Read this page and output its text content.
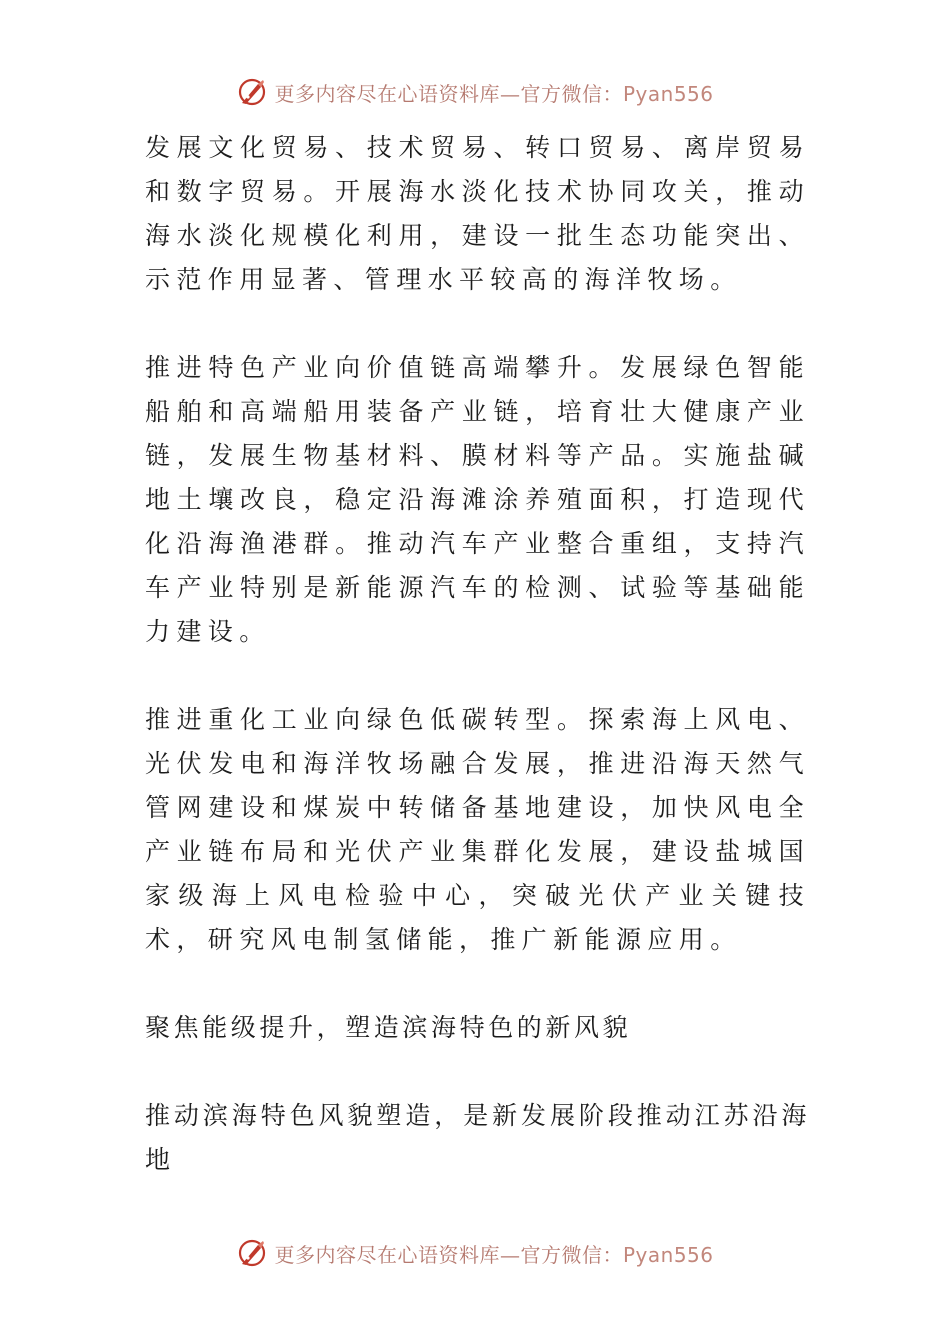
更多内容尽在心语资料库—官方微信：Pyan556

发展文化贸易、技术贸易、转口贸易、离岸贸易和数字贸易。开展海水淡化技术协同攻关，推动海水淡化规模化利用，建设一批生态功能突出、示范作用显著、管理水平较高的海洋牧场。

推进特色产业向价值链高端攀升。发展绿色智能船舶和高端船用装备产业链，培育壮大健康产业链，发展生物基材料、膜材料等产品。实施盐碱地土壤改良，稳定沿海滩涂养殖面积，打造现代化沿海渔港群。推动汽车产业整合重组，支持汽车产业特别是新能源汽车的检测、试验等基础能力建设。

推进重化工业向绿色低碳转型。探索海上风电、光伏发电和海洋牧场融合发展，推进沿海天然气管网建设和煤炭中转储备基地建设，加快风电全产业链布局和光伏产业集群化发展，建设盐城国家级海上风电检验中心，突破光伏产业关键技术，研究风电制氢储能，推广新能源应用。

聚焦能级提升，塑造滨海特色的新风貌

推动滨海特色风貌塑造，是新发展阶段推动江苏沿海地

更多内容尽在心语资料库—官方微信：Pyan556
